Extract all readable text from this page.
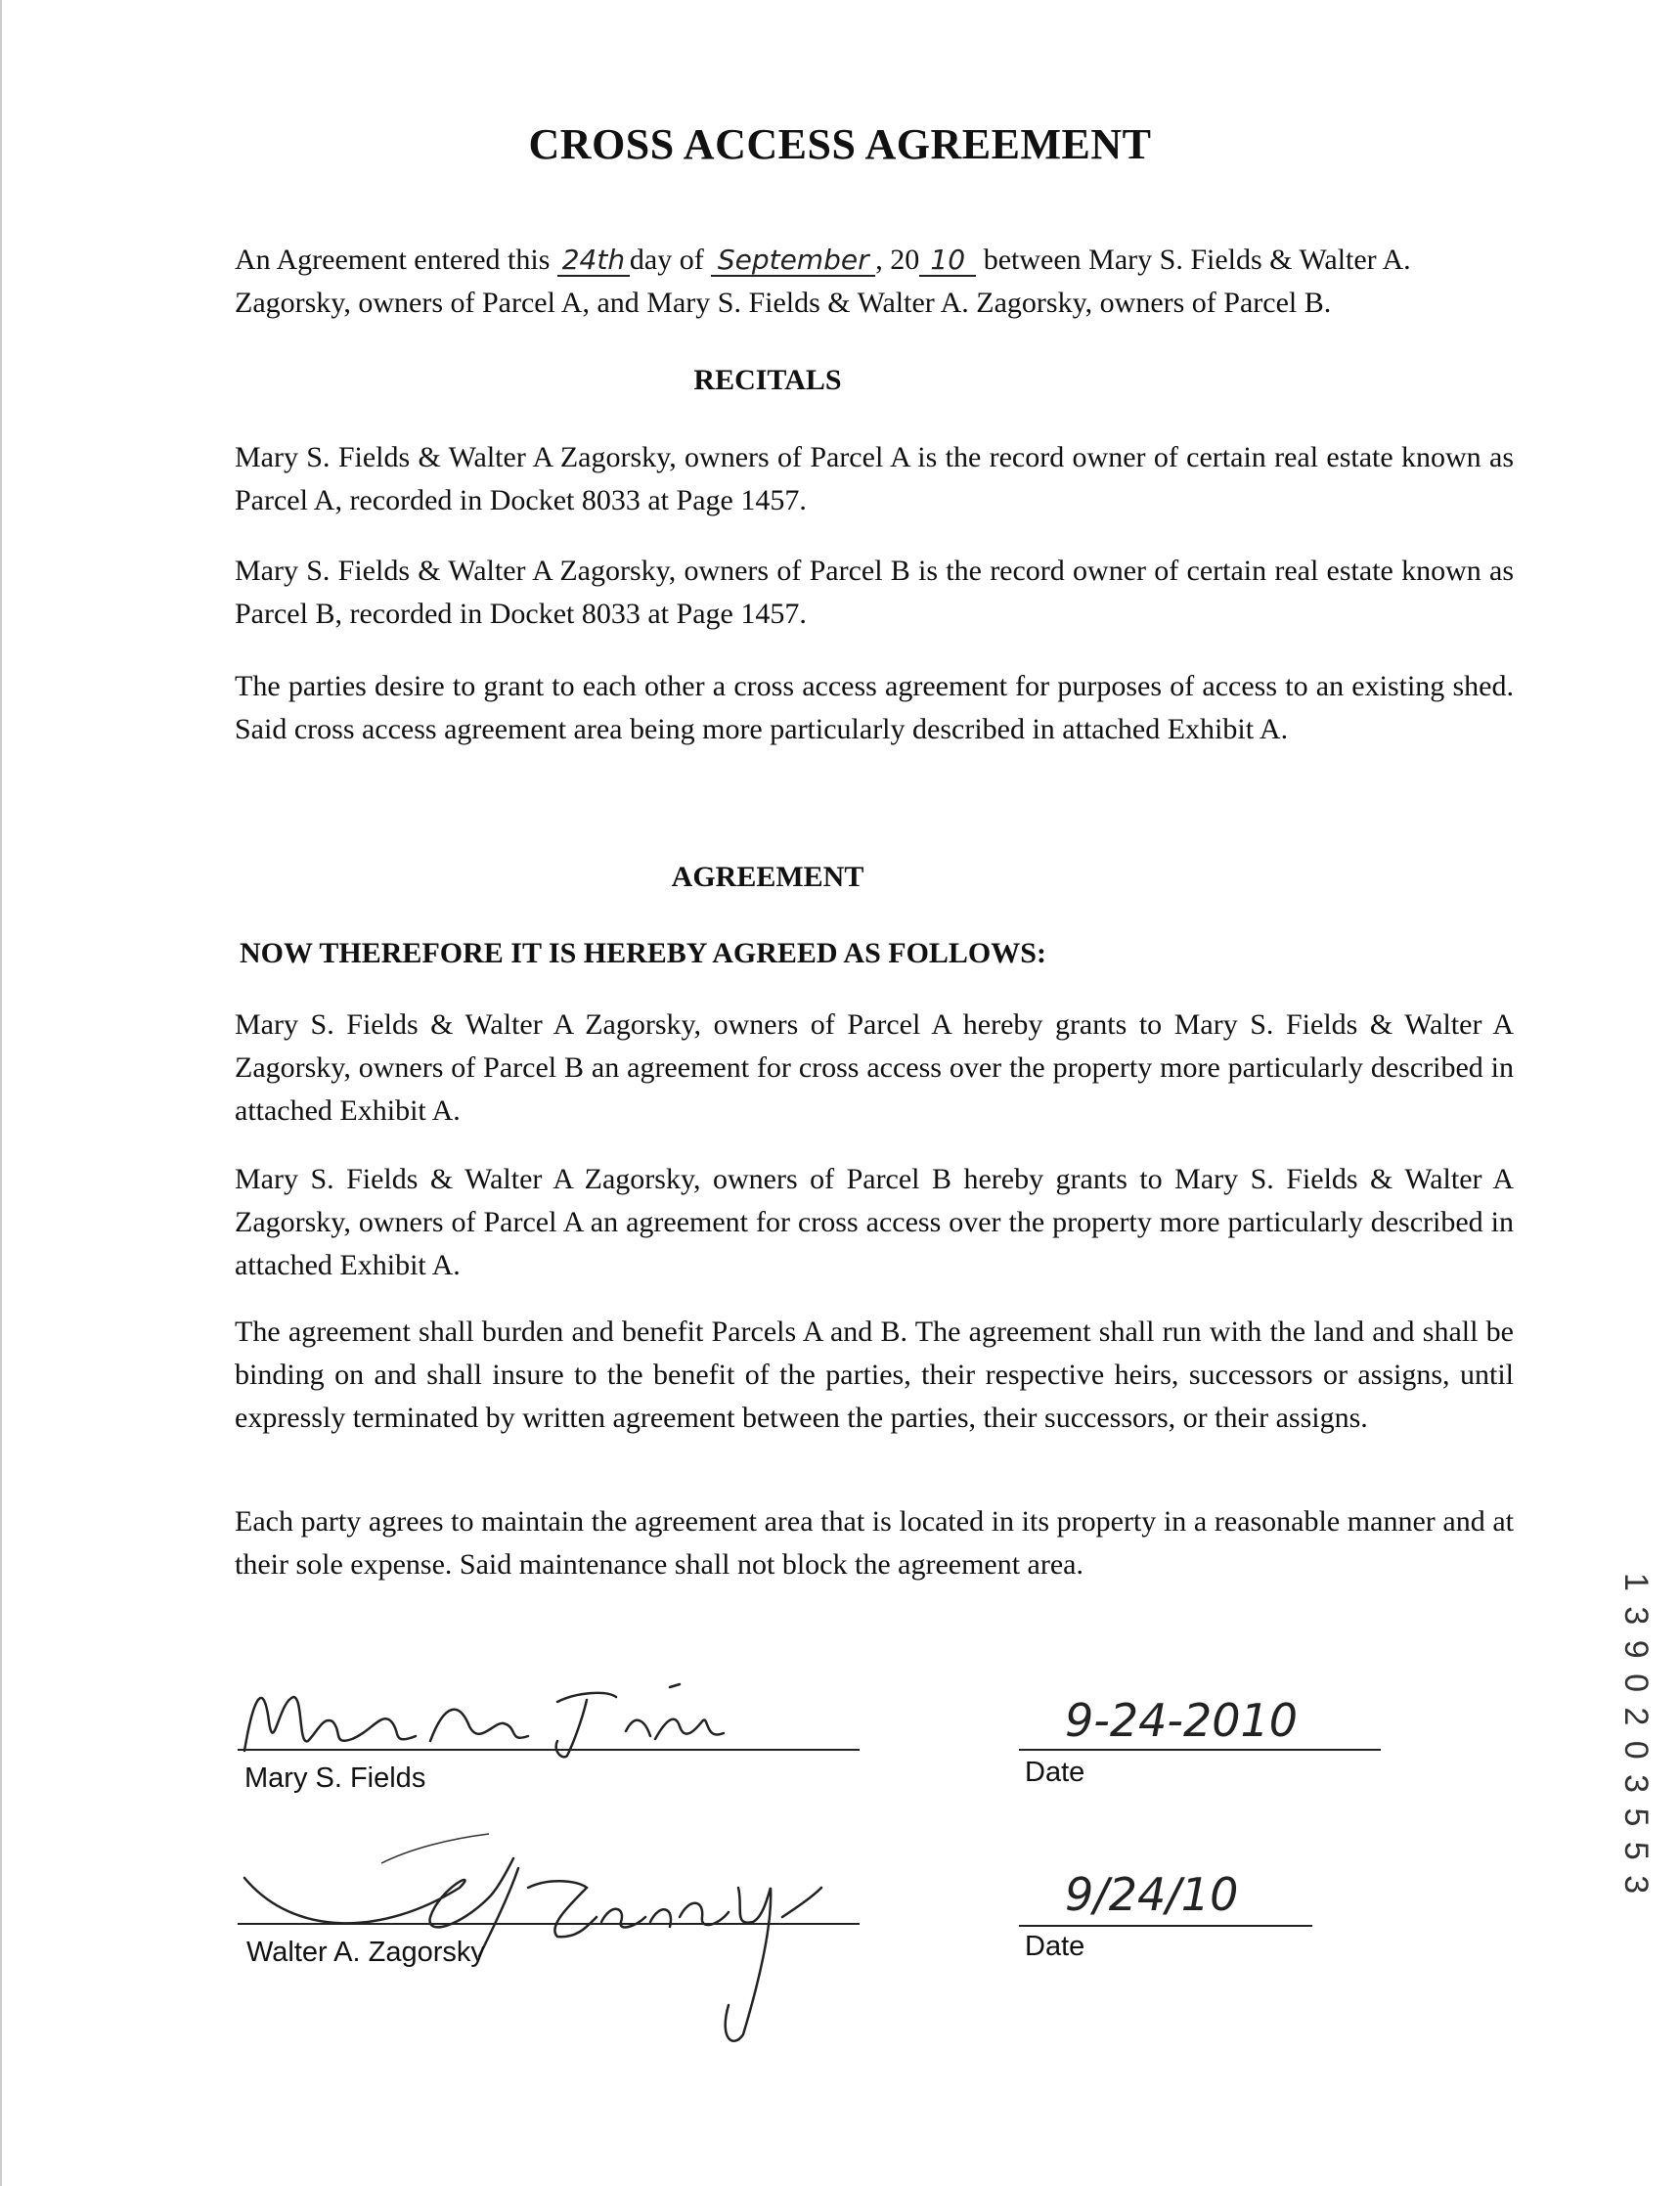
CROSS ACCESS AGREEMENT
An Agreement entered this 24th day of September , 20 10 between Mary S. Fields & Walter A.
Zagorsky, owners of Parcel A, and Mary S. Fields & Walter A. Zagorsky, owners of Parcel B.
RECITALS

Mary S. Fields & Walter A Zagorsky, owners of Parcel A is the record owner of certain real estate known as Parcel A, recorded in Docket 8033 at Page 1457.

Mary S. Fields & Walter A Zagorsky, owners of Parcel B is the record owner of certain real estate known as Parcel B, recorded in Docket 8033 at Page 1457.

The parties desire to grant to each other a cross access agreement for purposes of access to an existing shed. Said cross access agreement area being more particularly described in attached Exhibit A.

AGREEMENT
NOW THEREFORE IT IS HEREBY AGREED AS FOLLOWS:

Mary S. Fields & Walter A Zagorsky, owners of Parcel A hereby grants to Mary S. Fields & Walter A Zagorsky, owners of Parcel B an agreement for cross access over the property more particularly described in attached Exhibit A.

Mary S. Fields & Walter A Zagorsky, owners of Parcel B hereby grants to Mary S. Fields & Walter A Zagorsky, owners of Parcel A an agreement for cross access over the property more particularly described in attached Exhibit A.

The agreement shall burden and benefit Parcels A and B. The agreement shall run with the land and shall be binding on and shall insure to the benefit of the parties, their respective heirs, successors or assigns, until expressly terminated by written agreement between the parties, their successors, or their assigns.

Each party agrees to maintain the agreement area that is located in its property in a reasonable manner and at their sole expense. Said maintenance shall not block the agreement area.

Mary S. Fields
9-24-2010
Date
Walter A. Zagorsky
9/24/10
Date
1 3 9 0 2 0 3 5 5 3
